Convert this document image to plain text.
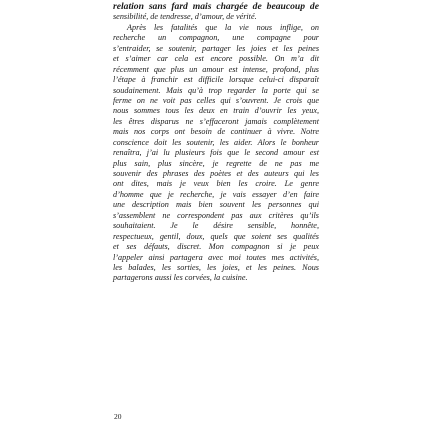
relation sans fard mais chargée de beaucoup de
sensibilité, de tendresse, d’amour, de vérité.
Après les fatalités que la vie nous inflige, on
recherche un compagnon, une compagne pour
s’entraider, se soutenir, partager les joies et les peines
et s’aimer car cela est encore possible. On m’a dit
récemment que plus un amour est intense, profond, plus
l’étape à franchir est difficile lorsque celui-ci disparaît
soudainement. Mais qu’à trop regarder la porte qui se
ferme on ne voit pas celles qui s’ouvrent. Je crois que
nous sommes tous les deux en train d’ouvrir les yeux,
les êtres disparus ne s’effaceront jamais complètement
mais nos corps ont besoin de continuer à vivre. Notre
conscience doit les soutenir, les aider. Alors le bonheur
renaîtra, j’ai lu plusieurs fois que le second amour est
plus sain, plus sincère, je regrette de ne pas me
souvenir des phrases des poètes et des auteurs qui les
ont dites, mais je veux bien les croire. Le genre
d’homme que je recherche, je vais essayer d’en faire
une description mais bien souvent les personnes qui
s’assemblent ne correspondent pas aux critères qu’ils
souhaitaient. Je le désire sensible, honnête,
respectueux, gentil, doux, quels que soient ses qualités
et ses défauts, discret. Mon compagnon si je peux
l’appeler ainsi partagera avec moi toutes mes activités,
les balades, les sorties, les joies, et les peines. Nous
partagerons aussi les corvées, la cuisine.
20
